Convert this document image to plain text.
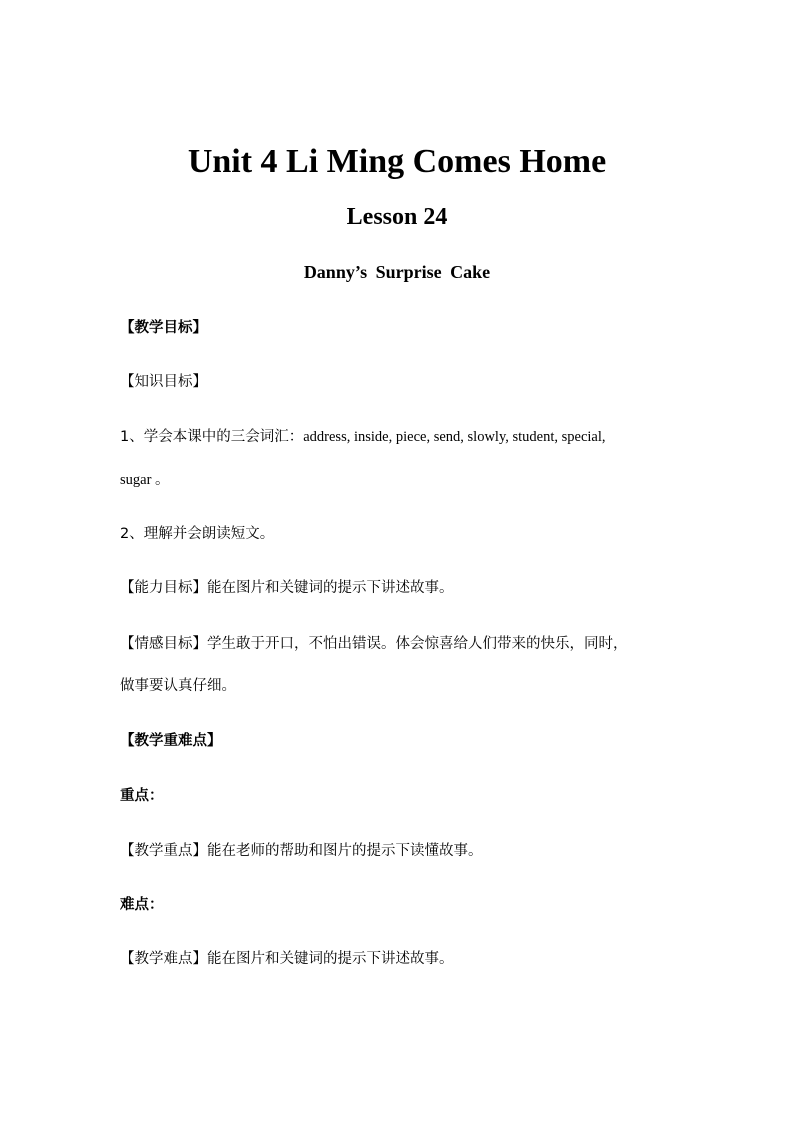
Unit 4 Li Ming Comes Home
Lesson 24
Danny’s Surprise Cake
【教学目标】
【知识目标】
1、学会本课中的三会词汇：address, inside, piece, send, slowly, student, special,
sugar 。
2、理解并会朗读短文。
【能力目标】能在图片和关键词的提示下讲述故事。
【情感目标】学生敢于开口，不怕出错误。体会惊喜给人们带来的快乐，同时，
做事要认真仔细。
【教学重难点】
重点：
【教学重点】能在老师的帮助和图片的提示下读懂故事。
难点：
【教学难点】能在图片和关键词的提示下讲述故事。
